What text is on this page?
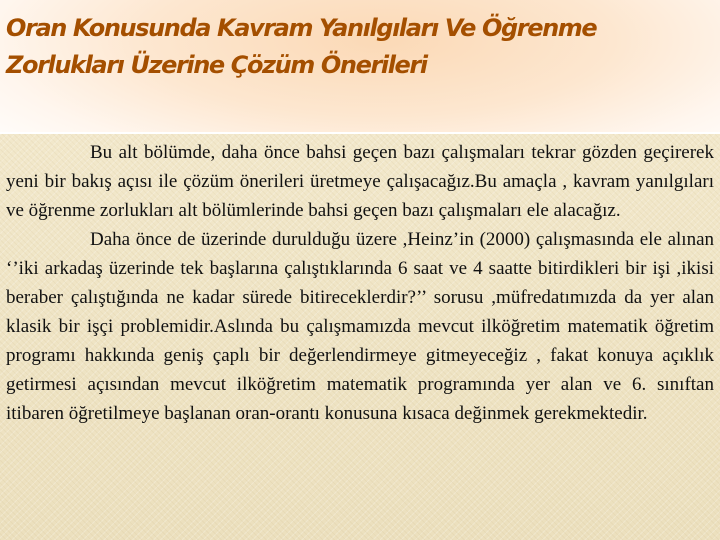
Oran Konusunda Kavram Yanılgıları Ve Öğrenme Zorlukları Üzerine Çözüm Önerileri

Bu alt bölümde, daha önce bahsi geçen bazı çalışmaları tekrar gözden geçirerek yeni bir bakış açısı ile çözüm önerileri üretmeye çalışacağız.Bu amaçla , kavram yanılgıları ve öğrenme zorlukları alt bölümlerinde bahsi geçen bazı çalışmaları ele alacağız.

Daha önce de üzerinde durulduğu üzere ,Heinz’in (2000) çalışmasında ele alınan ‘’iki arkadaş üzerinde tek başlarına çalıştıklarında 6 saat ve 4 saatte bitirdikleri bir işi ,ikisi beraber çalıştığında ne kadar sürede bitireceklerdir?’’ sorusu ,müfredatımızda da yer alan klasik bir işçi problemidir.Aslında bu çalışmamızda mevcut ilköğretim matematik öğretim programı hakkında geniş çaplı bir değerlendirmeye gitmeyeceğiz , fakat konuya açıklık getirmesi açısından mevcut ilköğretim matematik programında yer alan ve 6. sınıftan itibaren öğretilmeye başlanan oran-orantı konusuna kısaca değinmek gerekmektedir.
